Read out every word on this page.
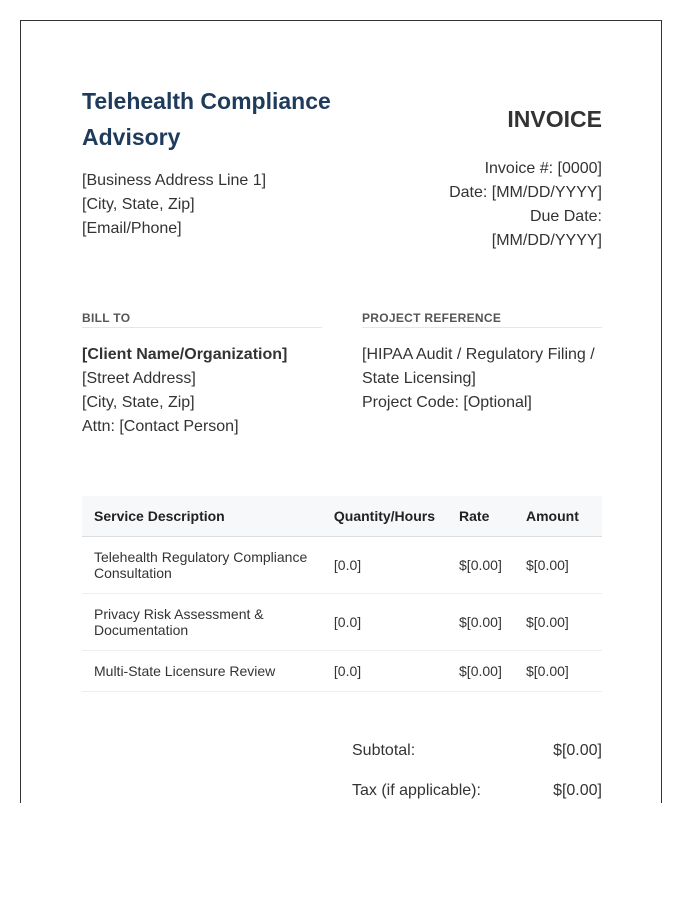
Telehealth Compliance Advisory
INVOICE
[Business Address Line 1]
[City, State, Zip]
[Email/Phone]
Invoice #: [0000]
Date: [MM/DD/YYYY]
Due Date:
[MM/DD/YYYY]
BILL TO	PROJECT REFERENCE
[Client Name/Organization]
[Street Address]
[City, State, Zip]
Attn: [Contact Person]
[HIPAA Audit / Regulatory Filing / State Licensing]
Project Code: [Optional]
Service Description	Quantity/Hours	Rate	Amount
Telehealth Regulatory Compliance Consultation	[0.0]	$[0.00]	$[0.00]
Privacy Risk Assessment & Documentation	[0.0]	$[0.00]	$[0.00]
Multi-State Licensure Review	[0.0]	$[0.00]	$[0.00]
Subtotal:	$[0.00]
Tax (if applicable):	$[0.00]
